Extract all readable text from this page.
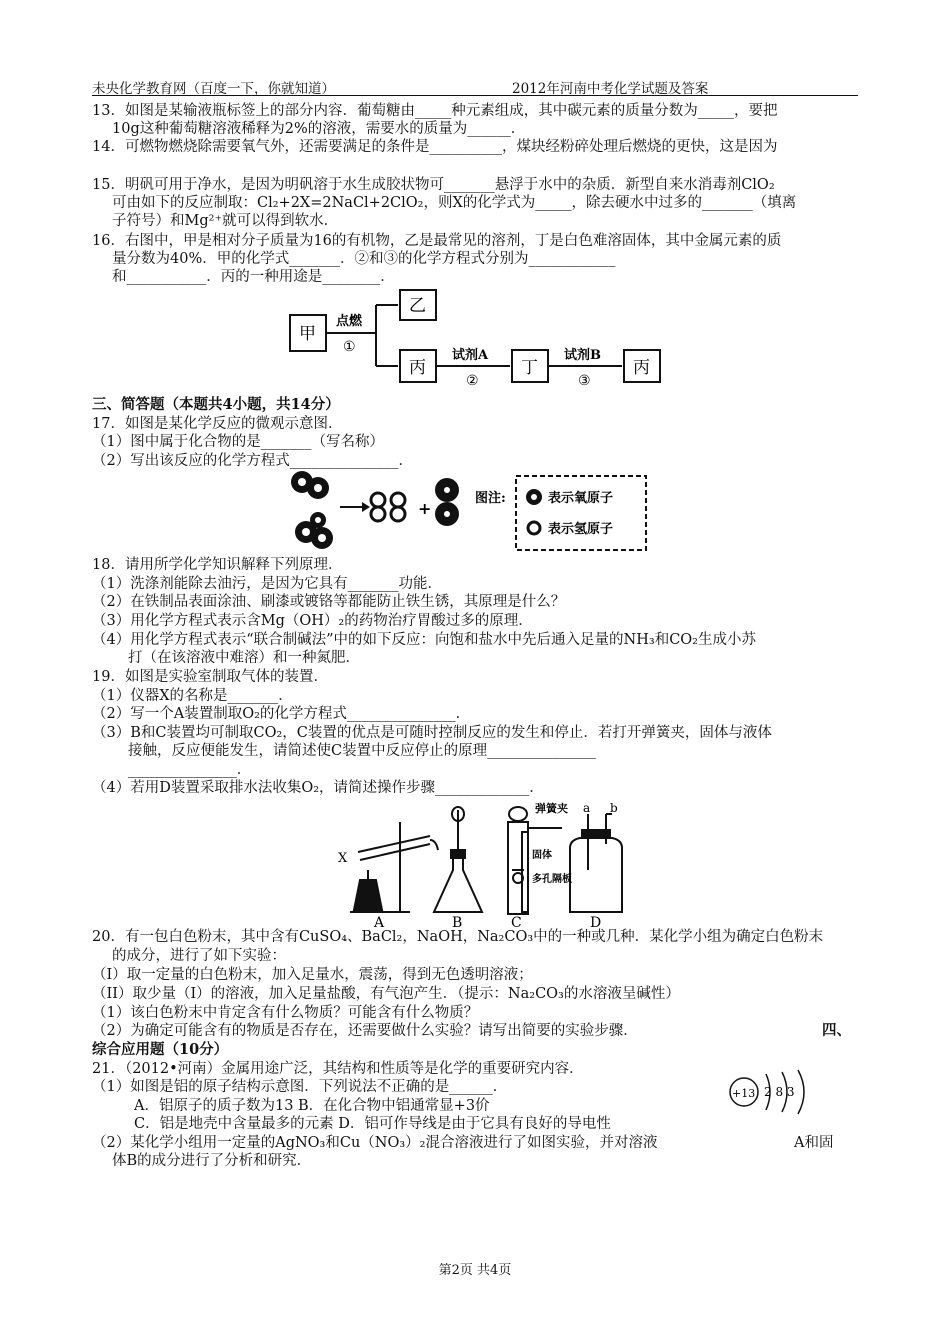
未央化学教育网（百度一下，你就知道）	2012年河南中考化学试题及答案
13．如图是某输液瓶标签上的部分内容．葡萄糖由_____种元素组成，其中碳元素的质量分数为_____，要把
10g这种葡萄糖溶液稀释为2%的溶液，需要水的质量为______．
14．可燃物燃烧除需要氧气外，还需要满足的条件是__________，煤块经粉碎处理后燃烧的更快，这是因为
15．明矾可用于净水，是因为明矾溶于水生成胶状物可_______悬浮于水中的杂质．新型自来水消毒剂ClO₂
可由如下的反应制取：Cl₂+2X=2NaCl+2ClO₂，则X的化学式为_____，除去硬水中过多的_______（填离
子符号）和Mg²⁺就可以得到软水．
16．右图中，甲是相对分子质量为16的有机物，乙是最常见的溶剂，丁是白色难溶固体，其中金属元素的质
量分数为40%．甲的化学式_______．②和③的化学方程式分别为____________
和___________．丙的一种用途是________．
甲
乙
丙	丁	丙
点燃
①
试剂A
②
试剂B
③
三、简答题（本题共4小题，共14分）
17．如图是某化学反应的微观示意图．
（1）图中属于化合物的是_______（写名称）
（2）写出该反应的化学方程式_______________．
+
图注:	表示氧原子
表示氢原子
18．请用所学化学知识解释下列原理．
（1）洗涤剂能除去油污，是因为它具有_______功能．
（2）在铁制品表面涂油、刷漆或镀铬等都能防止铁生锈，其原理是什么？
（3）用化学方程式表示含Mg（OH）₂的药物治疗胃酸过多的原理．
（4）用化学方程式表示“联合制碱法”中的如下反应：向饱和盐水中先后通入足量的NH₃和CO₂生成小苏
打（在该溶液中难溶）和一种氮肥．
19．如图是实验室制取气体的装置．
（1）仪器X的名称是_______．
（2）写一个A装置制取O₂的化学方程式_______________．
（3）B和C装置均可制取CO₂，C装置的优点是可随时控制反应的发生和停止．若打开弹簧夹，固体与液体
接触，反应便能发生，请简述使C装置中反应停止的原理_______________
_______________．
（4）若用D装置采取排水法收集O₂，请简述操作步骤_____________．
X
A	B	C	D
弹簧夹
固体
多孔隔板
a b
20．有一包白色粉末，其中含有CuSO₄、BaCl₂，NaOH，Na₂CO₃中的一种或几种．某化学小组为确定白色粉末
的成分，进行了如下实验：
（I）取一定量的白色粉末，加入足量水，震荡，得到无色透明溶液；
（II）取少量（I）的溶液，加入足量盐酸，有气泡产生．（提示：Na₂CO₃的水溶液呈碱性）
（1）该白色粉末中肯定含有什么物质？可能含有什么物质？
（2）为确定可能含有的物质是否存在，还需要做什么实验？请写出简要的实验步骤．	四、
综合应用题（10分）
21．（2012•河南）金属用途广泛，其结构和性质等是化学的重要研究内容．
（1）如图是铝的原子结构示意图．下列说法不正确的是______．
A．铝原子的质子数为13 B．在化合物中铝通常显+3价
C．铝是地壳中含量最多的元素 D．铝可作导线是由于它具有良好的导电性
（2）某化学小组用一定量的AgNO₃和Cu（NO₃）₂混合溶液进行了如图实验，并对溶液	A和固
体B的成分进行了分析和研究．
+13 2 8 3
第2页 共4页
